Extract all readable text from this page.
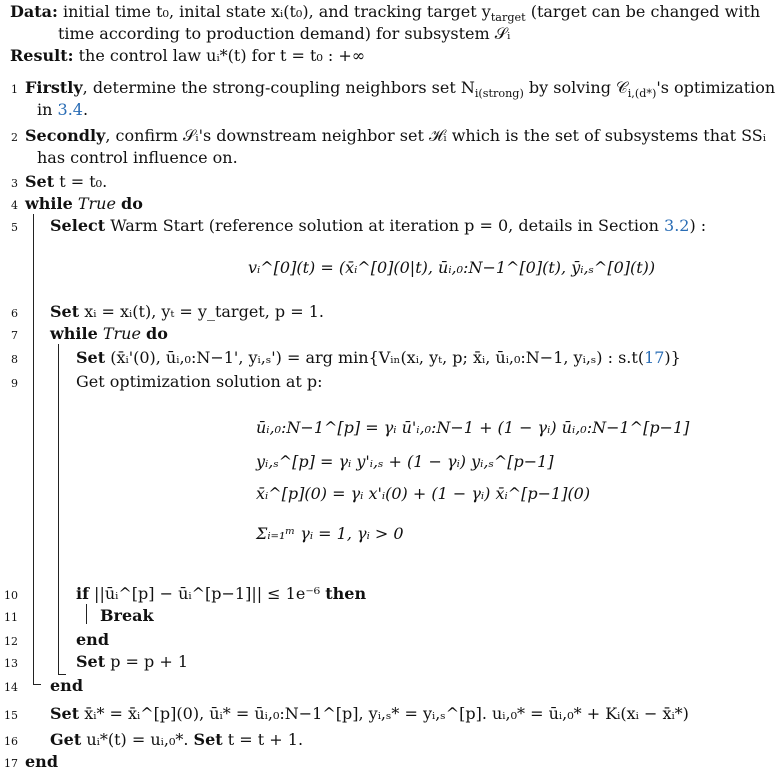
Data: initial time t₀, inital state xᵢ(t₀), and tracking target $y_{target}$ (target can be changed with
time according to production demand) for subsystem 𝒮ᵢ
Result: the control law uᵢ*(t) for t = t₀ : +∞
1 Firstly, determine the strong-coupling neighbors set $N_{i(strong)}$ by solving 𝒞$_{i,(d*)}$'s optimization
in 3.4.
2 Secondly, confirm 𝒮ᵢ's downstream neighbor set ℋᵢ which is the set of subsystems that SSᵢ
has control influence on.
3 Set t = t₀.
4 while True do
5 Select Warm Start (reference solution at iteration p = 0, details in Section 3.2) :
vᵢ^[0](t) = (x̄ᵢ^[0](0|t), ūᵢ,₀:N−1^[0](t), ȳᵢ,ₛ^[0](t))
6 Set xᵢ = xᵢ(t), yₜ = y_target, p = 1.
7 while True do
8	Set (x̄ᵢ'(0), ūᵢ,₀:N−1', yᵢ,ₛ') = arg min{Vᵢₙ(xᵢ, yₜ, p; x̄ᵢ, ūᵢ,₀:N−1, yᵢ,ₛ) : s.t(17)}
9	Get optimization solution at p:
ūᵢ,₀:N−1^[p] = γᵢ ū'ᵢ,₀:N−1 + (1 − γᵢ) ūᵢ,₀:N−1^[p−1]
yᵢ,ₛ^[p] = γᵢ y'ᵢ,ₛ + (1 − γᵢ) yᵢ,ₛ^[p−1]
x̄ᵢ^[p](0) = γᵢ x'ᵢ(0) + (1 − γᵢ) x̄ᵢ^[p−1](0)
Σᵢ₌₁ᵐ γᵢ = 1, γᵢ > 0
10	if ||ūᵢ^[p] − ūᵢ^[p−1]|| ≤ 1e⁻⁶ then
11	Break
12	end
13	Set p = p + 1
14 end
15 Set x̄ᵢ* = x̄ᵢ^[p](0), ūᵢ* = ūᵢ,₀:N−1^[p], yᵢ,ₛ* = yᵢ,ₛ^[p]. uᵢ,₀* = ūᵢ,₀* + Kᵢ(xᵢ − x̄ᵢ*)
16 Get uᵢ*(t) = uᵢ,₀*. Set t = t + 1.
17 end
